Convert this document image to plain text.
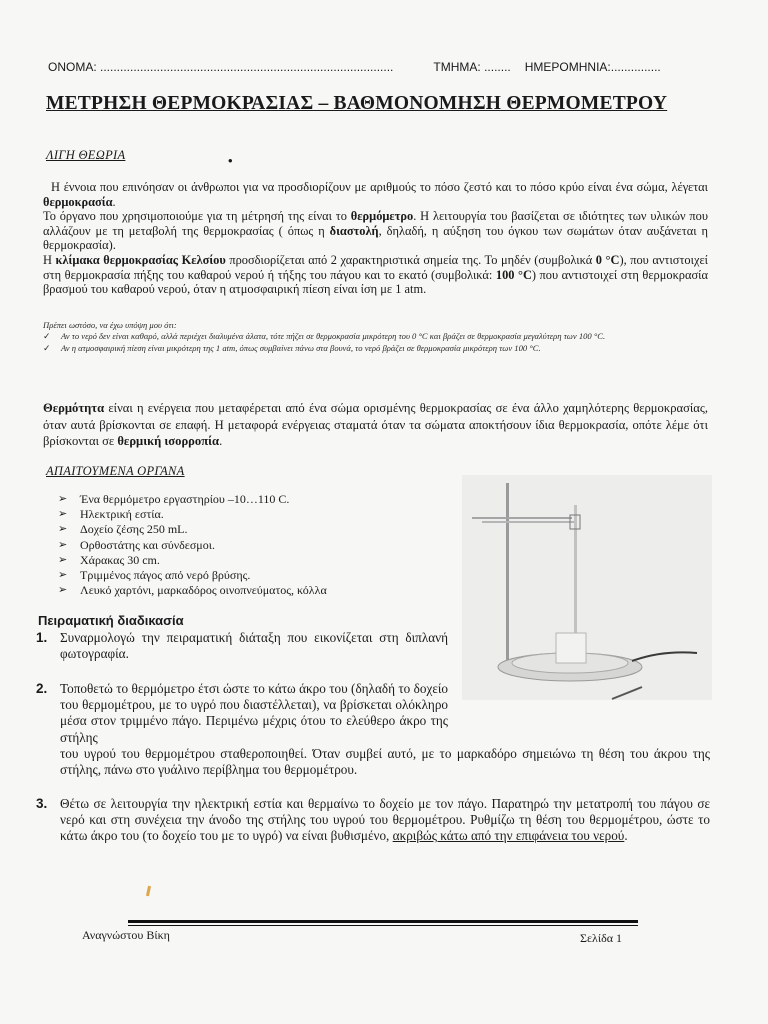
ΟΝΟΜΑ: ........................................................................................	ΤΜΗΜΑ: ........ ΗΜΕΡΟΜΗΝΙΑ:...............
ΜΕΤΡΗΣΗ ΘΕΡΜΟΚΡΑΣΙΑΣ – ΒΑΘΜΟΝΟΜΗΣΗ ΘΕΡΜΟΜΕΤΡΟΥ
ΛΙΓΗ ΘΕΩΡΙΑ	•

Η έννοια που επινόησαν οι άνθρωποι για να προσδιορίζουν με αριθμούς το πόσο ζεστό και το πόσο κρύο είναι ένα σώμα, λέγεται θερμοκρασία.

Το όργανο που χρησιμοποιούμε για τη μέτρησή της είναι το θερμόμετρο. Η λειτουργία του βασίζεται σε ιδιότητες των υλικών που αλλάζουν με τη μεταβολή της θερμοκρασίας ( όπως η διαστολή, δηλαδή, η αύξηση του όγκου των σωμάτων όταν αυξάνεται η θερμοκρασία).

Η κλίμακα θερμοκρασίας Κελσίου προσδιορίζεται από 2 χαρακτηριστικά σημεία της. Το μηδέν (συμβολικά 0 °C), που αντιστοιχεί στη θερμοκρασία πήξης του καθαρού νερού ή τήξης του πάγου και το εκατό (συμβολικά: 100 °C) που αντιστοιχεί στη θερμοκρασία βρασμού του καθαρού νερού, όταν η ατμοσφαιρική πίεση είναι ίση με 1 atm.

Πρέπει ωστόσο, να έχω υπόψη μου ότι:
✓	Αν το νερό δεν είναι καθαρό, αλλά περιέχει διαλυμένα άλατα, τότε πήζει σε θερμοκρασία μικρότερη του 0 °C και βράζει σε θερμοκρασία μεγαλύτερη των 100 °C.
✓	Αν η ατμοσφαιρική πίεση είναι μικρότερη της 1 atm, όπως συμβαίνει πάνω στα βουνά, το νερό βράζει σε θερμοκρασία μικρότερη των 100 °C.

Θερμότητα είναι η ενέργεια που μεταφέρεται από ένα σώμα ορισμένης θερμοκρασίας σε ένα άλλο χαμηλότερης θερμοκρασίας, όταν αυτά βρίσκονται σε επαφή. Η μεταφορά ενέργειας σταματά όταν τα σώματα αποκτήσουν ίδια θερμοκρασία, οπότε λέμε ότι βρίσκονται σε θερμική ισορροπία.

ΑΠΑΙΤΟΥΜΕΝΑ ΟΡΓΑΝΑ
➢	Ένα θερμόμετρο εργαστηρίου –10…110 C.
➢	Ηλεκτρική εστία.
➢	Δοχείο ζέσης 250 mL.
➢	Ορθοστάτης και σύνδεσμοι.
➢	Χάρακας 30 cm.
➢	Τριμμένος πάγος από νερό βρύσης.
➢	Λευκό χαρτόνι, μαρκαδόρος οινοπνεύματος, κόλλα
Πειραματική διαδικασία
1. Συναρμολογώ την πειραματική διάταξη που εικονίζεται στη διπλανή φωτογραφία.
2. Τοποθετώ το θερμόμετρο έτσι ώστε το κάτω άκρο του (δηλαδή το δοχείο του θερμομέτρου, με το υγρό που διαστέλλεται), να βρίσκεται ολόκληρο μέσα στον τριμμένο πάγο. Περιμένω μέχρις ότου το ελεύθερο άκρο της στήλης
του υγρού του θερμομέτρου σταθεροποιηθεί. Όταν συμβεί αυτό, με το μαρκαδόρο σημειώνω τη θέση του άκρου της στήλης, πάνω στο γυάλινο περίβλημα του θερμομέτρου.
3. Θέτω σε λειτουργία την ηλεκτρική εστία και θερμαίνω το δοχείο με τον πάγο. Παρατηρώ την μετατροπή του πάγου σε νερό και στη συνέχεια την άνοδο της στήλης του υγρού του θερμομέτρου. Ρυθμίζω τη θέση του θερμομέτρου, ώστε το κάτω άκρο του (το δοχείο του με το υγρό) να είναι βυθισμένο, ακριβώς κάτω από την επιφάνεια του νερού.
Αναγνώστου Βίκη	Σελίδα 1
